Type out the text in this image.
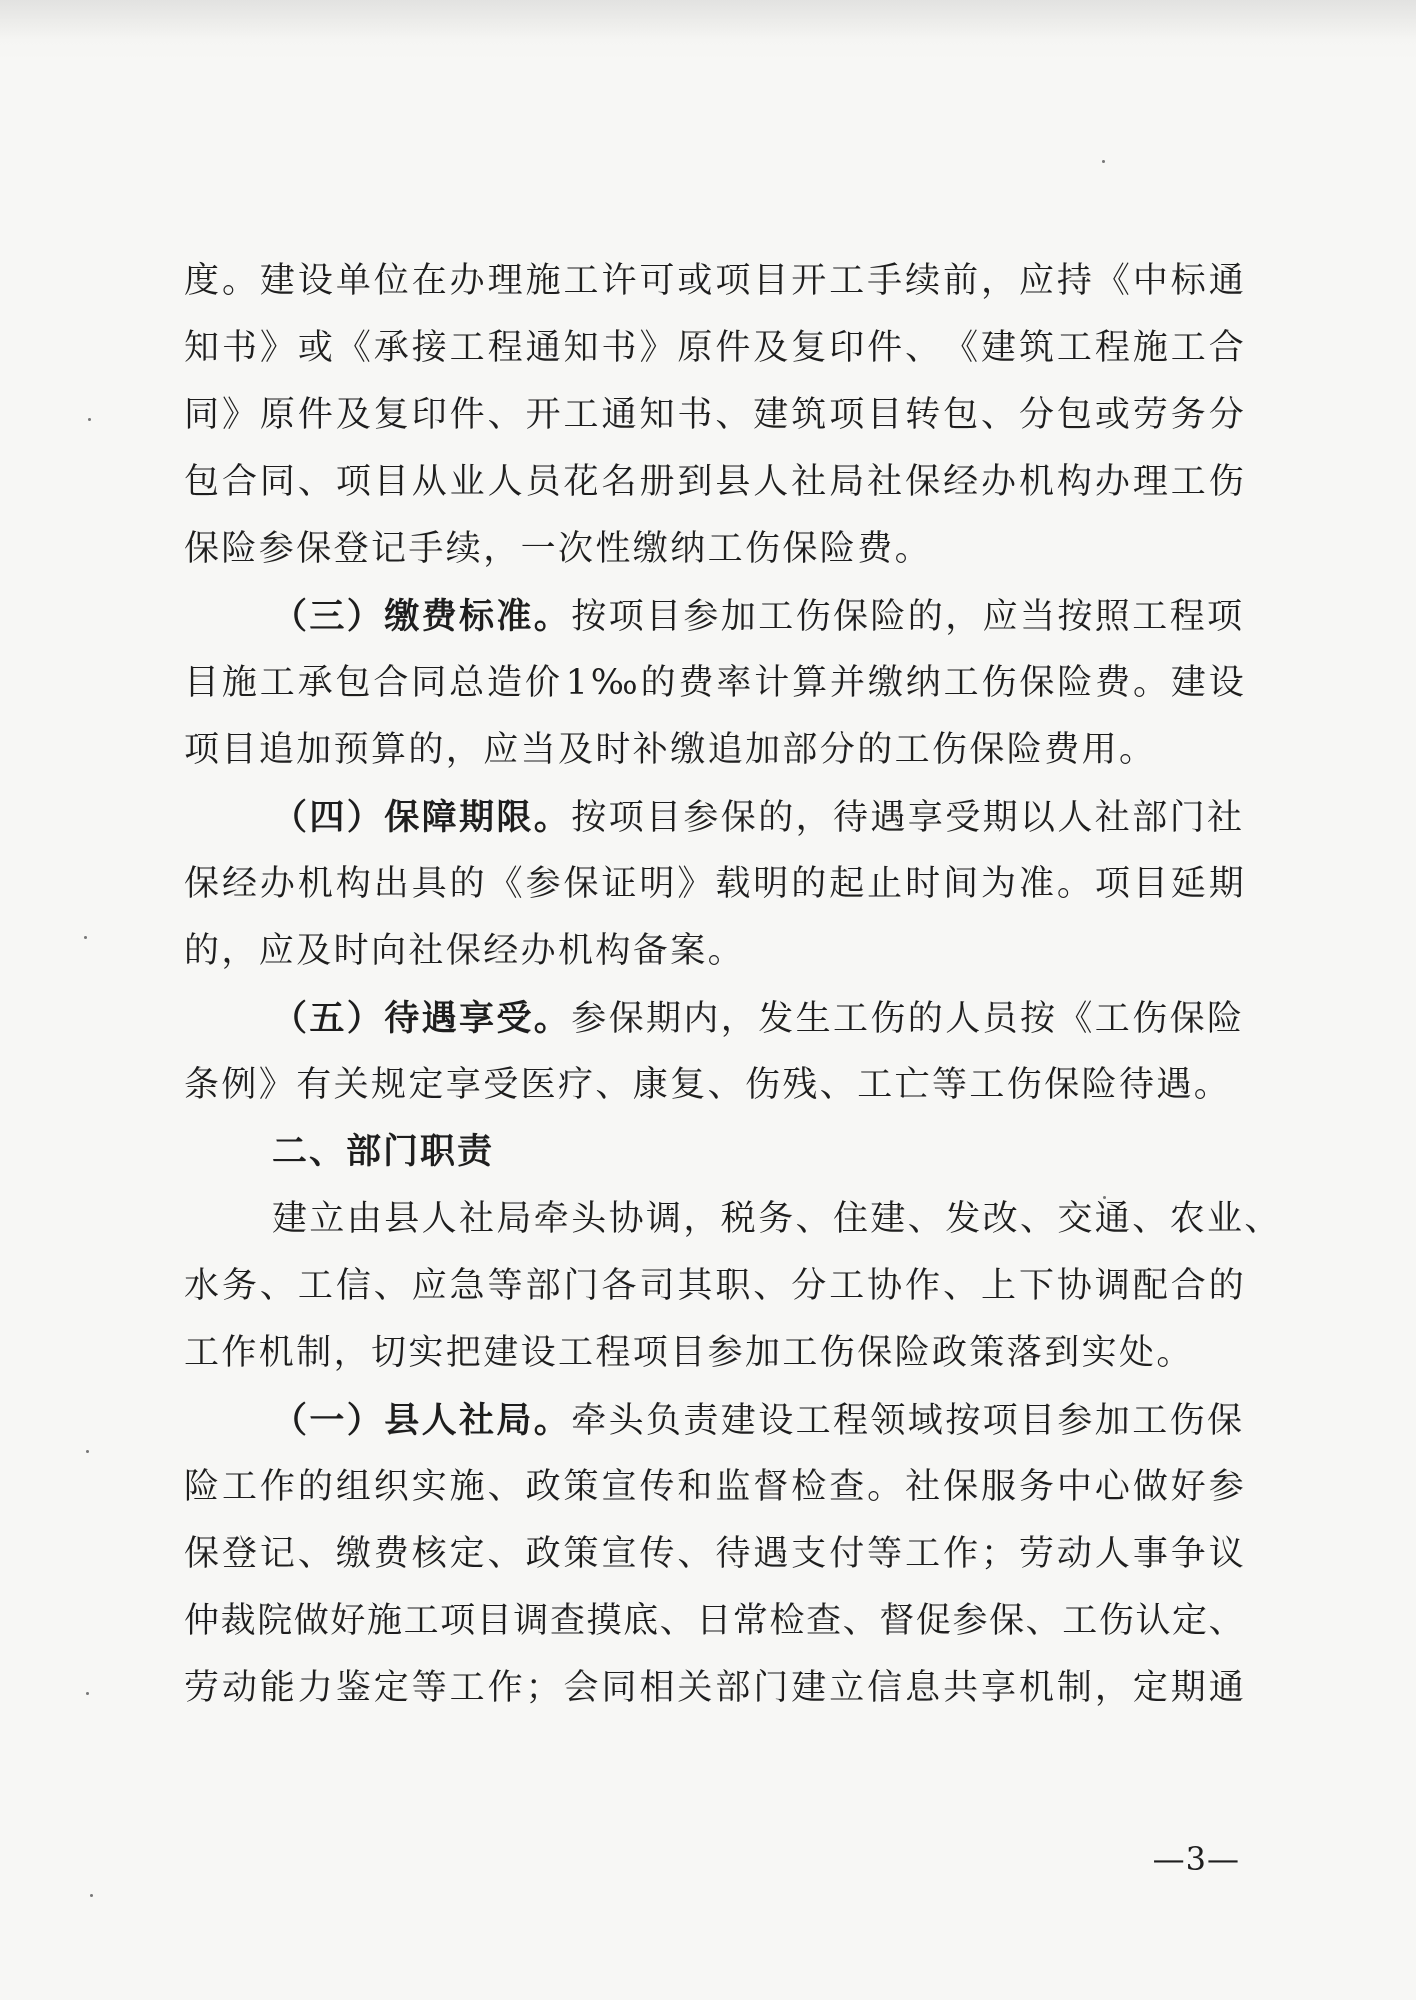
度 。 建 设 单 位 在 办 理 施 工 许 可 或 项 目 开 工 手 续 前 ， 应 持 《 中 标 通
知 书 》 或 《 承 接 工 程 通 知 书 》 原 件 及 复 印 件 、 《 建 筑 工 程 施 工 合
同 》 原 件 及 复 印 件 、 开 工 通 知 书 、 建 筑 项 目 转 包 、 分 包 或 劳 务 分
包 合 同 、 项 目 从 业 人 员 花 名 册 到 县 人 社 局 社 保 经 办 机 构 办 理 工 伤
保险参保登记手续，一次性缴纳工伤保险费。
（三）缴费标准。按项目参加工伤保险的，应当按照工程项
目 施 工 承 包 合 同 总 造 价 1 ‰ 的 费 率 计 算 并 缴 纳 工 伤 保 险 费 。 建 设
项目追加预算的，应当及时补缴追加部分的工伤保险费用。
（四）保障期限。按项目参保的，待遇享受期以人社部门社
保 经 办 机 构 出 具 的 《 参 保 证 明 》 载 明 的 起 止 时 间 为 准 。 项 目 延 期
的，应及时向社保经办机构备案。
（五）待遇享受。参保期内，发生工伤的人员按《工伤保险
条例》有关规定享受医疗、康复、伤残、工亡等工伤保险待遇。
二、部门职责
建立由县人社局牵头协调，税务、住建、发改、交通、农业、
水 务 、 工 信 、 应 急 等 部 门 各 司 其 职 、 分 工 协 作 、 上 下 协 调 配 合 的
工作机制，切实把建设工程项目参加工伤保险政策落到实处。
（一）县人社局。牵头负责建设工程领域按项目参加工伤保
险 工 作 的 组 织 实 施 、 政 策 宣 传 和 监 督 检 查 。 社 保 服 务 中 心 做 好 参
保 登 记 、 缴 费 核 定 、 政 策 宣 传 、 待 遇 支 付 等 工 作 ； 劳 动 人 事 争 议
仲 裁 院 做 好 施 工 项 目 调 查 摸 底 、 日 常 检 查 、 督 促 参 保 、 工 伤 认 定 、
劳 动 能 力 鉴 定 等 工 作 ； 会 同 相 关 部 门 建 立 信 息 共 享 机 制 ， 定 期 通
—3—
